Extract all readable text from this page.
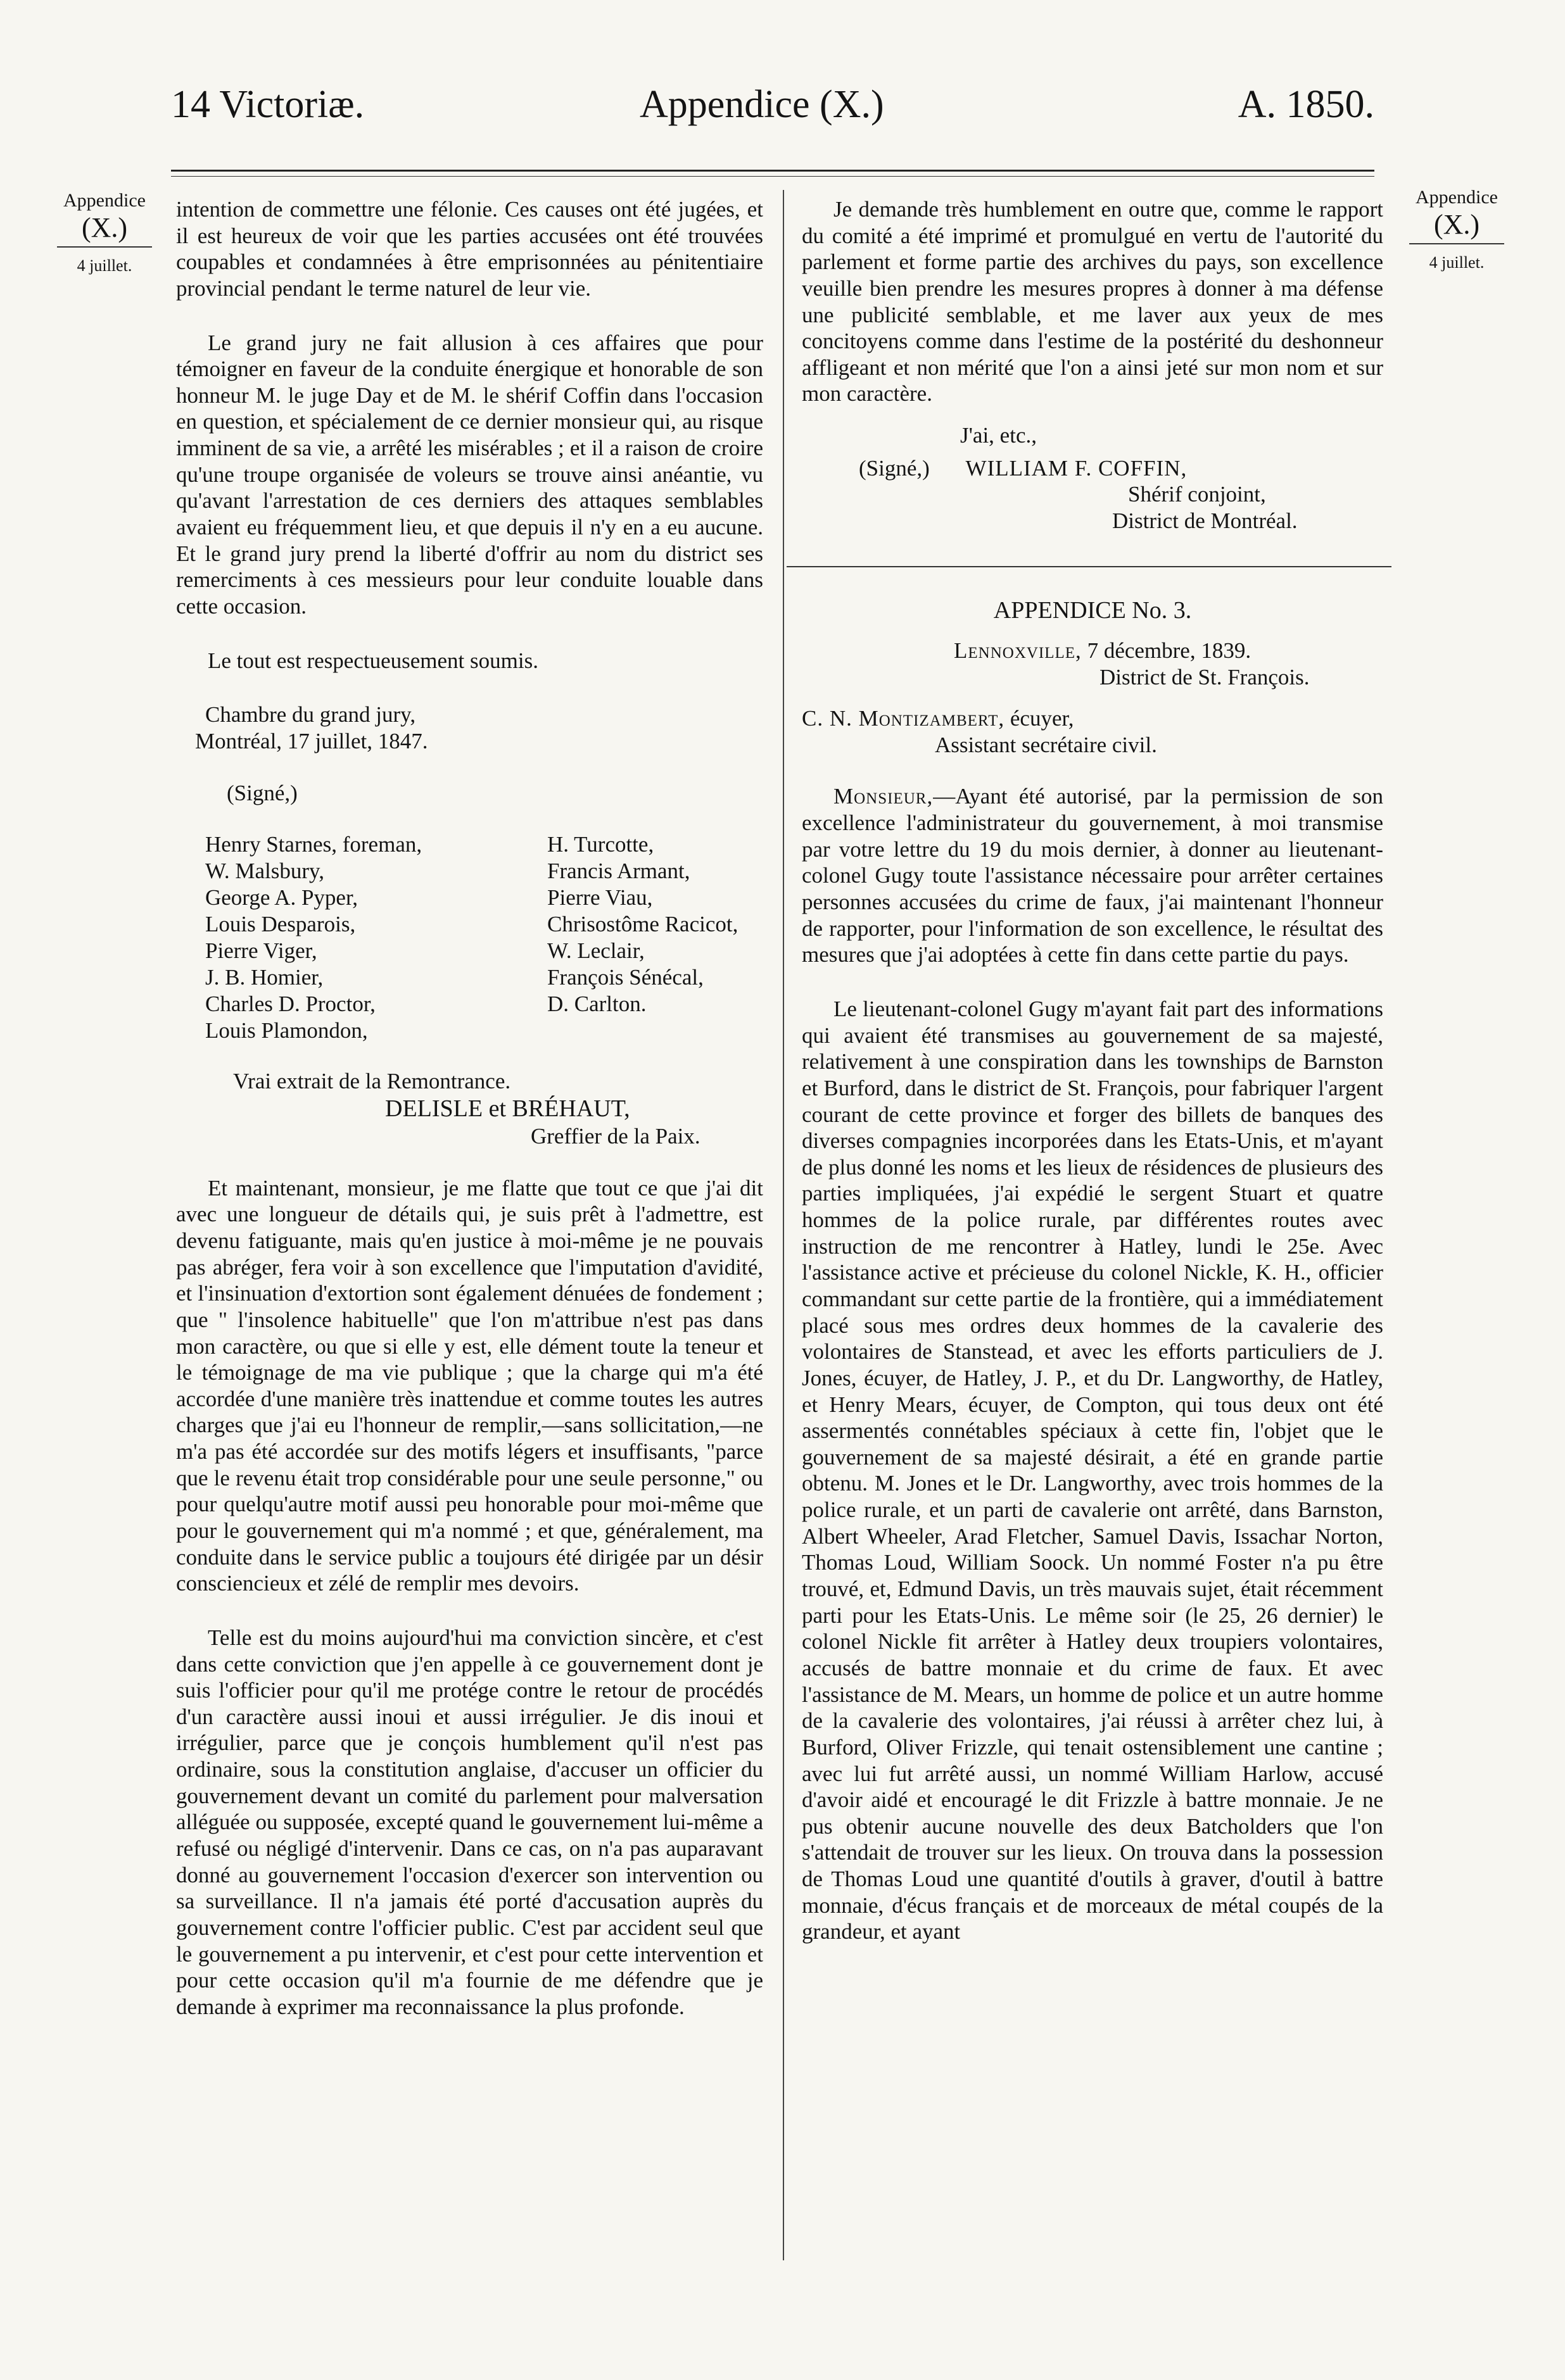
14 Victoriæ.	Appendice (X.)	A. 1850.
Appendice
(X.)
4 juillet.
Appendice
(X.)
4 juillet.

intention de commettre une félonie. Ces causes ont été jugées, et il est heureux de voir que les parties accusées ont été trouvées coupables et condamnées à être emprisonnées au pénitentiaire provincial pendant le terme naturel de leur vie.

Le grand jury ne fait allusion à ces affaires que pour témoigner en faveur de la conduite énergique et honorable de son honneur M. le juge Day et de M. le shérif Coffin dans l'occasion en question, et spécialement de ce dernier monsieur qui, au risque imminent de sa vie, a arrêté les misérables ; et il a raison de croire qu'une troupe organisée de voleurs se trouve ainsi anéantie, vu qu'avant l'arrestation de ces derniers des attaques semblables avaient eu fréquemment lieu, et que depuis il n'y en a eu aucune. Et le grand jury prend la liberté d'offrir au nom du district ses remerciments à ces messieurs pour leur conduite louable dans cette occasion.

Le tout est respectueusement soumis.

Chambre du grand jury,
Montréal, 17 juillet, 1847.
(Signé,)
Henry Starnes, foreman,
W. Malsbury,
George A. Pyper,
Louis Desparois,
Pierre Viger,
J. B. Homier,
Charles D. Proctor,
Louis Plamondon,
H. Turcotte,
Francis Armant,
Pierre Viau,
Chrisostôme Racicot,
W. Leclair,
François Sénécal,
D. Carlton.
Vrai extrait de la Remontrance.
DELISLE et BRÉHAUT,
Greffier de la Paix.

Et maintenant, monsieur, je me flatte que tout ce que j'ai dit avec une longueur de détails qui, je suis prêt à l'admettre, est devenu fatiguante, mais qu'en justice à moi-même je ne pouvais pas abréger, fera voir à son excellence que l'imputation d'avidité, et l'insinuation d'extortion sont également dénuées de fondement ; que " l'insolence habituelle" que l'on m'attribue n'est pas dans mon caractère, ou que si elle y est, elle dément toute la teneur et le témoignage de ma vie publique ; que la charge qui m'a été accordée d'une manière très inattendue et comme toutes les autres charges que j'ai eu l'honneur de remplir,—sans sollicitation,—ne m'a pas été accordée sur des motifs légers et insuffisants, "parce que le revenu était trop considérable pour une seule personne," ou pour quelqu'autre motif aussi peu honorable pour moi-même que pour le gouvernement qui m'a nommé ; et que, généralement, ma conduite dans le service public a toujours été dirigée par un désir consciencieux et zélé de remplir mes devoirs.

Telle est du moins aujourd'hui ma conviction sincère, et c'est dans cette conviction que j'en appelle à ce gouvernement dont je suis l'officier pour qu'il me protége contre le retour de procédés d'un caractère aussi inoui et aussi irrégulier. Je dis inoui et irrégulier, parce que je conçois humblement qu'il n'est pas ordinaire, sous la constitution anglaise, d'accuser un officier du gouvernement devant un comité du parlement pour malversation alléguée ou supposée, excepté quand le gouvernement lui-même a refusé ou négligé d'intervenir. Dans ce cas, on n'a pas auparavant donné au gouvernement l'occasion d'exercer son intervention ou sa surveillance. Il n'a jamais été porté d'accusation auprès du gouvernement contre l'officier public. C'est par accident seul que le gouvernement a pu intervenir, et c'est pour cette intervention et pour cette occasion qu'il m'a fournie de me défendre que je demande à exprimer ma reconnaissance la plus profonde.

Je demande très humblement en outre que, comme le rapport du comité a été imprimé et promulgué en vertu de l'autorité du parlement et forme partie des archives du pays, son excellence veuille bien prendre les mesures propres à donner à ma défense une publicité semblable, et me laver aux yeux de mes concitoyens comme dans l'estime de la postérité du deshonneur affligeant et non mérité que l'on a ainsi jeté sur mon nom et sur mon caractère.

J'ai, etc.,
(Signé,) WILLIAM F. COFFIN,
Shérif conjoint,
District de Montréal.
APPENDICE No. 3.
Lennoxville, 7 décembre, 1839.
District de St. François.
C. N. Montizambert, écuyer,
Assistant secrétaire civil.

Monsieur,—Ayant été autorisé, par la permission de son excellence l'administrateur du gouvernement, à moi transmise par votre lettre du 19 du mois dernier, à donner au lieutenant-colonel Gugy toute l'assistance nécessaire pour arrêter certaines personnes accusées du crime de faux, j'ai maintenant l'honneur de rapporter, pour l'information de son excellence, le résultat des mesures que j'ai adoptées à cette fin dans cette partie du pays.

Le lieutenant-colonel Gugy m'ayant fait part des informations qui avaient été transmises au gouvernement de sa majesté, relativement à une conspiration dans les townships de Barnston et Burford, dans le district de St. François, pour fabriquer l'argent courant de cette province et forger des billets de banques des diverses compagnies incorporées dans les Etats-Unis, et m'ayant de plus donné les noms et les lieux de résidences de plusieurs des parties impliquées, j'ai expédié le sergent Stuart et quatre hommes de la police rurale, par différentes routes avec instruction de me rencontrer à Hatley, lundi le 25e. Avec l'assistance active et précieuse du colonel Nickle, K. H., officier commandant sur cette partie de la frontière, qui a immédiatement placé sous mes ordres deux hommes de la cavalerie des volontaires de Stanstead, et avec les efforts particuliers de J. Jones, écuyer, de Hatley, J. P., et du Dr. Langworthy, de Hatley, et Henry Mears, écuyer, de Compton, qui tous deux ont été assermentés connétables spéciaux à cette fin, l'objet que le gouvernement de sa majesté désirait, a été en grande partie obtenu. M. Jones et le Dr. Langworthy, avec trois hommes de la police rurale, et un parti de cavalerie ont arrêté, dans Barnston, Albert Wheeler, Arad Fletcher, Samuel Davis, Issachar Norton, Thomas Loud, William Soock. Un nommé Foster n'a pu être trouvé, et, Edmund Davis, un très mauvais sujet, était récemment parti pour les Etats-Unis. Le même soir (le 25, 26 dernier) le colonel Nickle fit arrêter à Hatley deux troupiers volontaires, accusés de battre monnaie et du crime de faux. Et avec l'assistance de M. Mears, un homme de police et un autre homme de la cavalerie des volontaires, j'ai réussi à arrêter chez lui, à Burford, Oliver Frizzle, qui tenait ostensiblement une cantine ; avec lui fut arrêté aussi, un nommé William Harlow, accusé d'avoir aidé et encouragé le dit Frizzle à battre monnaie. Je ne pus obtenir aucune nouvelle des deux Batcholders que l'on s'attendait de trouver sur les lieux. On trouva dans la possession de Thomas Loud une quantité d'outils à graver, d'outil à battre monnaie, d'écus français et de morceaux de métal coupés de la grandeur, et ayant
